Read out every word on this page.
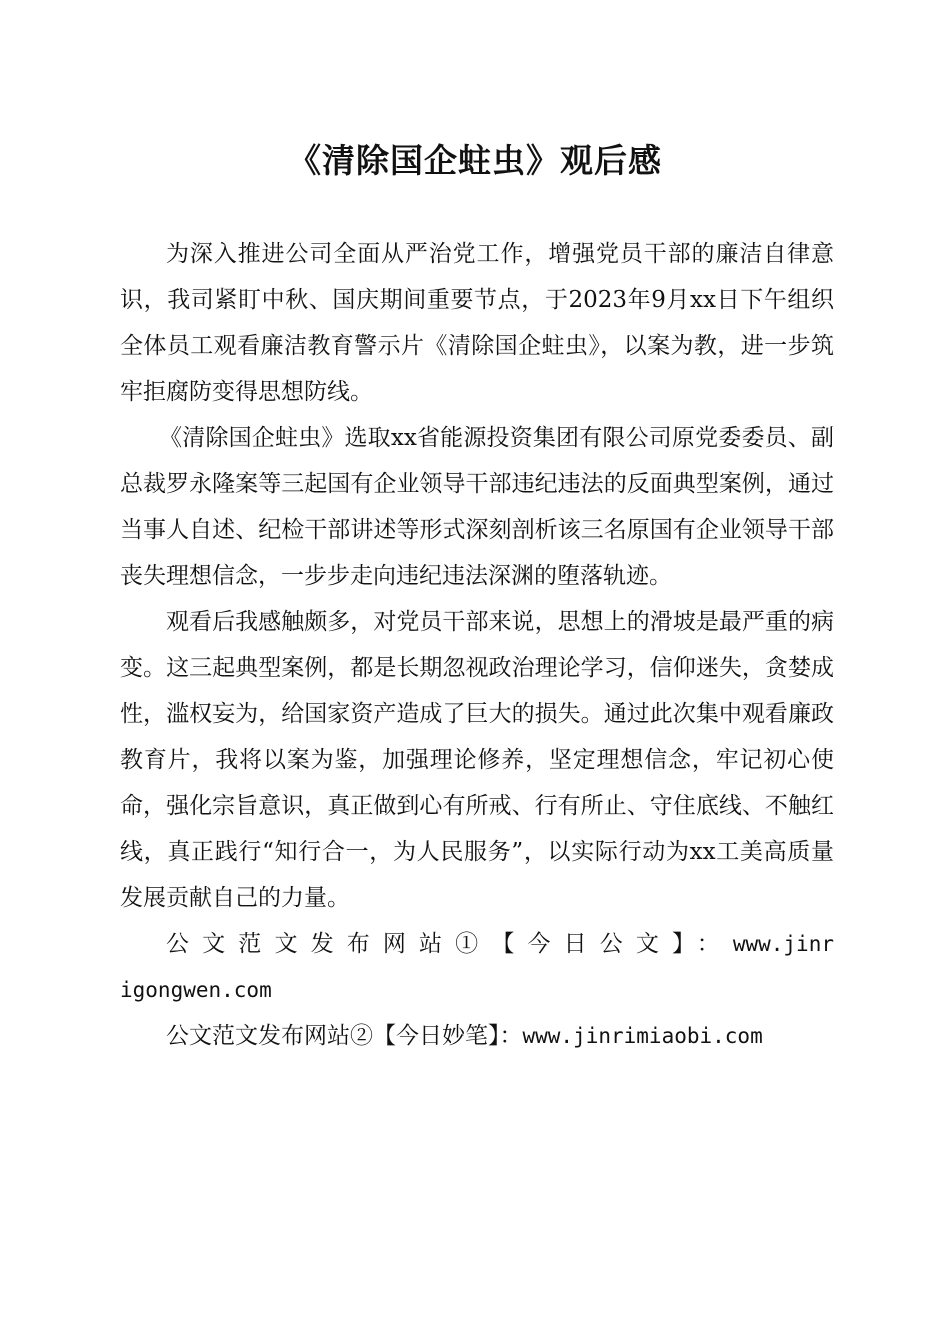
《清除国企蛀虫》观后感

为深入推进公司全面从严治党工作，增强党员干部的廉洁自律意识，我司紧盯中秋、国庆期间重要节点，于2023年9月xx日下午组织全体员工观看廉洁教育警示片《清除国企蛀虫》，以案为教，进一步筑牢拒腐防变得思想防线。

《清除国企蛀虫》选取xx省能源投资集团有限公司原党委委员、副总裁罗永隆案等三起国有企业领导干部违纪违法的反面典型案例，通过当事人自述、纪检干部讲述等形式深刻剖析该三名原国有企业领导干部丧失理想信念，一步步走向违纪违法深渊的堕落轨迹。

观看后我感触颇多，对党员干部来说，思想上的滑坡是最严重的病变。这三起典型案例，都是长期忽视政治理论学习，信仰迷失，贪婪成性，滥权妄为，给国家资产造成了巨大的损失。通过此次集中观看廉政教育片，我将以案为鉴，加强理论修养，坚定理想信念，牢记初心使命，强化宗旨意识，真正做到心有所戒、行有所止、守住底线、不触红线，真正践行“知行合一，为人民服务”，以实际行动为xx工美高质量发展贡献自己的力量。

公文范文发布网站①【今日公文】：www.jinrigongwen.com

公文范文发布网站②【今日妙笔】：www.jinrimiaobi.com
